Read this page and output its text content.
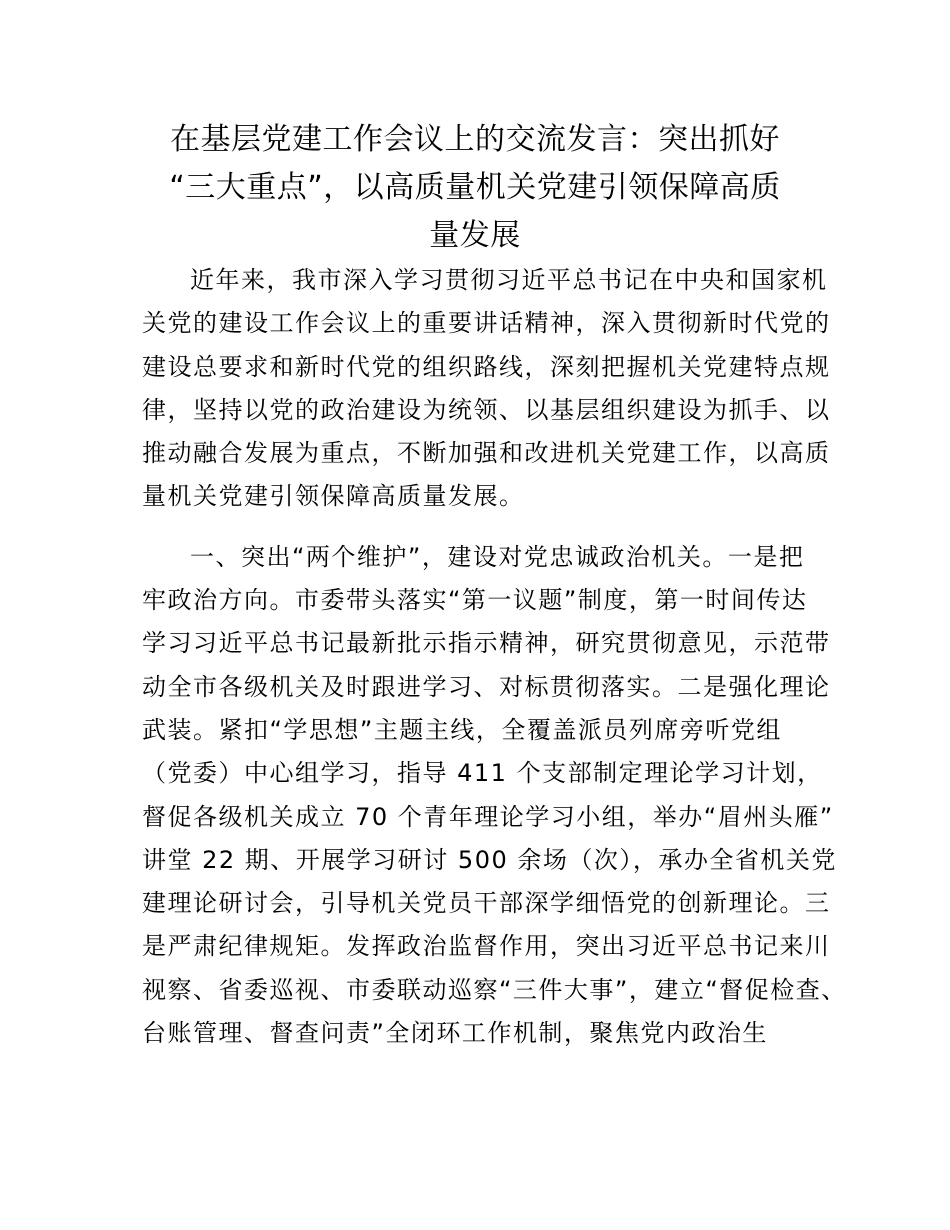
在基层党建工作会议上的交流发言：突出抓好
“三大重点”，以高质量机关党建引领保障高质
量发展

近年来，我市深入学习贯彻习近平总书记在中央和国家机
关党的建设工作会议上的重要讲话精神，深入贯彻新时代党的
建设总要求和新时代党的组织路线，深刻把握机关党建特点规
律，坚持以党的政治建设为统领、以基层组织建设为抓手、以
推动融合发展为重点，不断加强和改进机关党建工作，以高质
量机关党建引领保障高质量发展。

一、突出“两个维护”，建设对党忠诚政治机关。一是把
牢政治方向。市委带头落实“第一议题”制度，第一时间传达
学习习近平总书记最新批示指示精神，研究贯彻意见，示范带
动全市各级机关及时跟进学习、对标贯彻落实。二是强化理论
武装。紧扣“学思想”主题主线，全覆盖派员列席旁听党组
（党委）中心组学习，指导 411 个支部制定理论学习计划，
督促各级机关成立 70 个青年理论学习小组，举办“眉州头雁”
讲堂 22 期、开展学习研讨 500 余场（次），承办全省机关党
建理论研讨会，引导机关党员干部深学细悟党的创新理论。三
是严肃纪律规矩。发挥政治监督作用，突出习近平总书记来川
视察、省委巡视、市委联动巡察“三件大事”，建立“督促检查、
台账管理、督查问责”全闭环工作机制，聚焦党内政治生
